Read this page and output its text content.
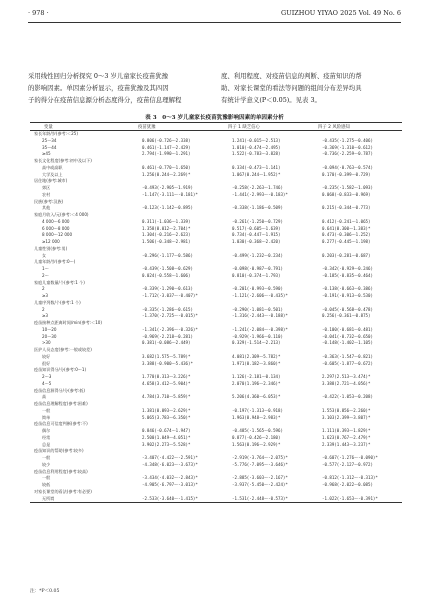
· 978 ·	GUIZHOU YIYAO 2025 Vol. 49 No. 6
采用线性回归分析探究 0～3 岁儿童家长疫苗犹豫
的影响因素。单因素分析显示，疫苗犹豫及其四因
子的得分在疫苗信息源分析态度得分，疫苗信息理解程
度、利用程度、对疫苗信息的判断、疫苗知识的帮
助、对家长课堂的看法等问题的组间分布差异均具
有统计学意义(P＜0.05)。见表 3。
表 3　0～3 岁儿童家长疫苗犹豫影响因素的单因素分析
变量	疫苗犹豫	四子 1 缺乏信心	四子 2 风险感知
家长年龄/岁(参考:＜25)			
25～34	0.806(-0.726～2.338)	1.241(-0.015～2.513)	-0.435(-1.275～0.406)
35～44	0.461(-1.147～2.429)	1.010(-0.474～2.495)	-0.369(-1.310～0.612)
≥45	2.794(-1.990～1.291)	1.522(-0.783～3.828)	-0.736(-2.259～0.787)
家长文化程度(参考:初中及以下)			
高中或高职	0.461(-0.770～1.650)	0.334(-0.473～1.141)	-0.094(-0.763～0.574)
大学及以上	1.256(0.244～2.269)*	1.067(0.244～1.952)*	0.170(-0.399～0.729)
居住地(参考:城市)			
郊区	-0.493(-2.905～1.919)	-0.258(-2.263～1.746)	-0.235(-1.582～1.093)
农村	-1.147(-3.111～-0.181)*	-1.441(-2.993～-0.183)*	0.068(-0.833～0.969)
民族(参考:汉族)			
其他	-0.123(-1.142～0.895)	-0.338(-1.186～0.509)	0.215(-0.344～0.773)
家庭月收入/元(参考:＜4 000)			
4 000～6 000	0.311(-1.036～1.339)	-0.261(-1.250～0.729)	0.412(-0.241～1.065)
6 000～8 000	1.358(0.012～2.704)*	0.517(-0.605～1.639)	0.641(0.300～1.383)*
8 000～12 000	1.304(-0.216～2.623)	0.734(-0.447～1.915)	0.473(-0.306～1.252)
≥12 000	1.506(-0.348～2.981)	1.030(-0.368～2.420)	0.277(-0.445～1.198)
儿童性别(参考:男)			
女	-0.296(-1.177～0.586)	-0.499(-1.232～0.234)	0.203(-0.281～0.687)
儿童年龄/岁(参考:0～)			
1～	-0.439(-1.508～0.629)	-0.098(-0.987～0.791)	-0.342(-0.929～0.246)
2～	0.024(-0.558～1.606)	0.810(-0.374～1.793)	-0.185(-0.835～0.464)
家庭儿童数量/个(参考:1 个)			
2	-0.339(-1.290～0.613)	-0.201(-0.993～0.590)	-0.138(-0.663～0.386)
≥3	-1.712(-3.037～-0.407)*	-1.121(-2.606～-0.435)*	-0.191(-0.913～0.530)
儿童序列数/个(参考:1 个)			
2	-0.335(-1.286～0.615)	-0.290(-1.081～0.501)	-0.045(-0.568～0.478)
≥3	-1.370(-2.725～-0.015)*	-1.316(-2.443～-0.188)*	0.256(-0.361～0.875)
疫苗接种点距离时间/min(参考:＜10)			
10～20	-1.341(-2.396～-0.326)*	-1.241(-2.084～-0.398)*	-0.100(-0.681～0.481)
20～30	-0.969(-2.218～0.281)	-0.929(-1.966～0.110)	-0.041(-0.732～0.650)
>30	0.381(-0.086～2.449)	0.329(-1.514～2.213)	-0.148(-1.402～1.105)
医护人员态度(参考:一般或较差)			
较好	3.682(1.575～5.789)*	4.081(2.309～5.782)*	-0.363(-1.547～0.821)
很好	3.388(-0.900～5.436)*	1.971(0.182～3.860)*	-0.605(-1.877～0.672)
疫苗知识得分/分(参考:0～1)			
2～3	1.770(0.313～3.226)*	1.126(-2.181～0.134)	2.297(2.513～3.474)*
4～5	4.658(3.412～5.904)*	2.070(1.196～2.346)*	3.388(2.721～4.056)*
疫苗信息源得分/分(参考:低)			
高	4.784(3.710～5.859)*	5.206(4.360～6.053)*	-0.422(-1.053～0.208)
疫苗信息理解程度(参考:困难)			
一般	1.381(0.093～2.629)*	-0.197(-1.313～0.918)	1.553(0.856～2.260)*
简单	5.065(3.783～6.350)*	1.963(0.948～2.983)*	3.103(2.399～3.807)*
疫苗信息可信度判断(参考:不)			
偶尔	0.846(-0.674～1.947)	-0.485(-1.565～0.596)	1.111(0.393～1.829)*
经常	2.500(1.049～4.051)*	0.877(-0.426～2.180)	1.623(0.767～2.479)*
总是	3.902(2.273～5.528)*	1.563(0.196～2.929)*	2.339(1.443～3.237)*
疫苗知识的帮助(参考:较多)			
一般	-3.407(-4.422～-2.591)*	-2.919(-3.764～-2.075)*	-0.607(-1.276～-0.090)*
较少	-4.348(-6.023～-3.673)*	-5.776(-7.095～-3.646)*	-0.577(-2.127～0.972)
疫苗信息利用程度(参考:较高)			
一般	-3.434(-4.032～-2.843)*	-2.885(-3.603～-2.167)*	-0.812(-1.312～-0.313)*
较低	-4.905(-6.797～-3.013)*	-3.937(-5.450～-2.424)*	-0.968(-2.022～0.085)
对家长课堂的看法(参考:有必要)			
无所谓	-2.533(-3.640～-1.415)*	-1.531(-2.448～-0.573)*	-1.022(-1.653～-0.391)*
注：*P＜0.05
